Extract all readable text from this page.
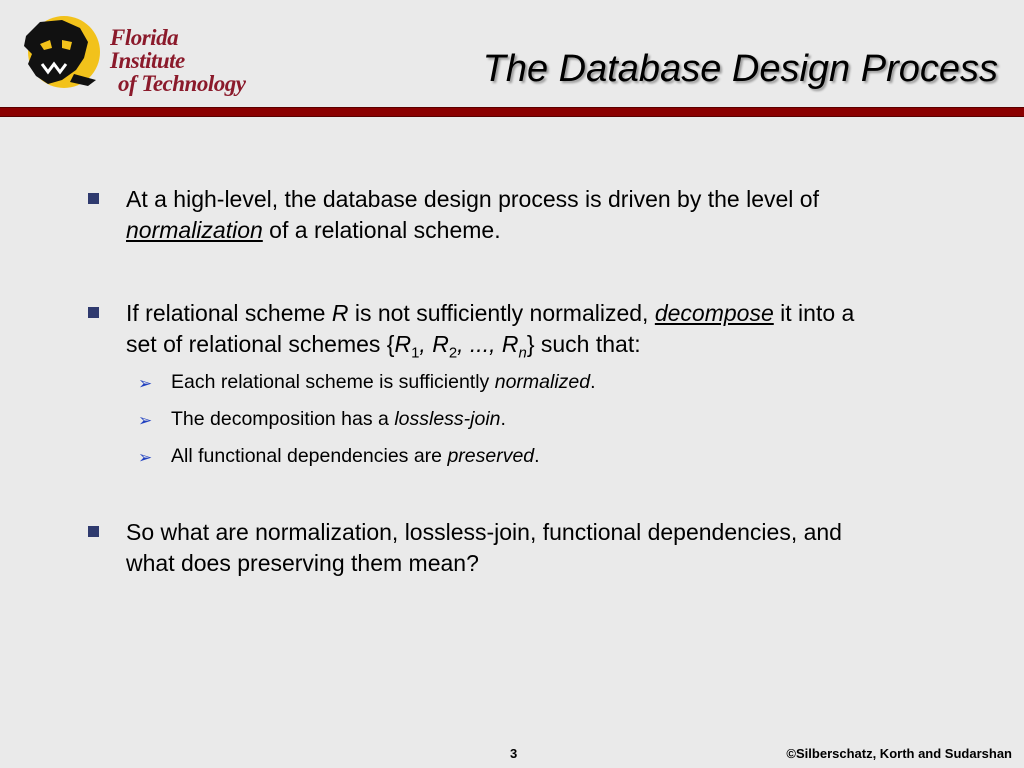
Florida Institute
of Technology	The Database Design Process
At a high-level, the database design process is driven by the level of
normalization of a relational scheme.
If relational scheme R is not sufficiently normalized, decompose it into a
set of relational schemes {$R_1$, $R_2$, ..., $R_n$} such that:
➢ Each relational scheme is sufficiently normalized.
➢ The decomposition has a lossless-join.
➢ All functional dependencies are preserved.
So what are normalization, lossless-join, functional dependencies, and
what does preserving them mean?
3	©Silberschatz, Korth and Sudarshan
